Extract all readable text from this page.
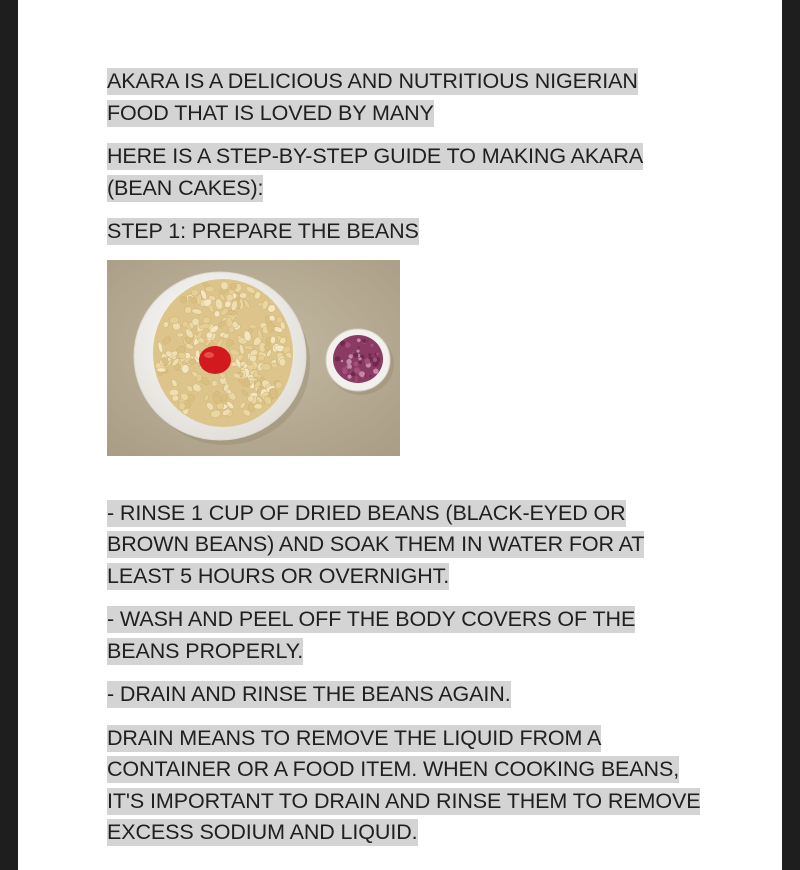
AKARA IS A DELICIOUS AND NUTRITIOUS NIGERIAN FOOD THAT IS LOVED BY MANY

HERE IS A STEP-BY-STEP GUIDE TO MAKING AKARA (BEAN CAKES):

STEP 1: PREPARE THE BEANS

- RINSE 1 CUP OF DRIED BEANS (BLACK-EYED OR BROWN BEANS) AND SOAK THEM IN WATER FOR AT LEAST 5 HOURS OR OVERNIGHT.

- WASH AND PEEL OFF THE BODY COVERS OF THE BEANS PROPERLY.

- DRAIN AND RINSE THE BEANS AGAIN.

DRAIN MEANS TO REMOVE THE LIQUID FROM A CONTAINER OR A FOOD ITEM. WHEN COOKING BEANS, IT'S IMPORTANT TO DRAIN AND RINSE THEM TO REMOVE EXCESS SODIUM AND LIQUID.
